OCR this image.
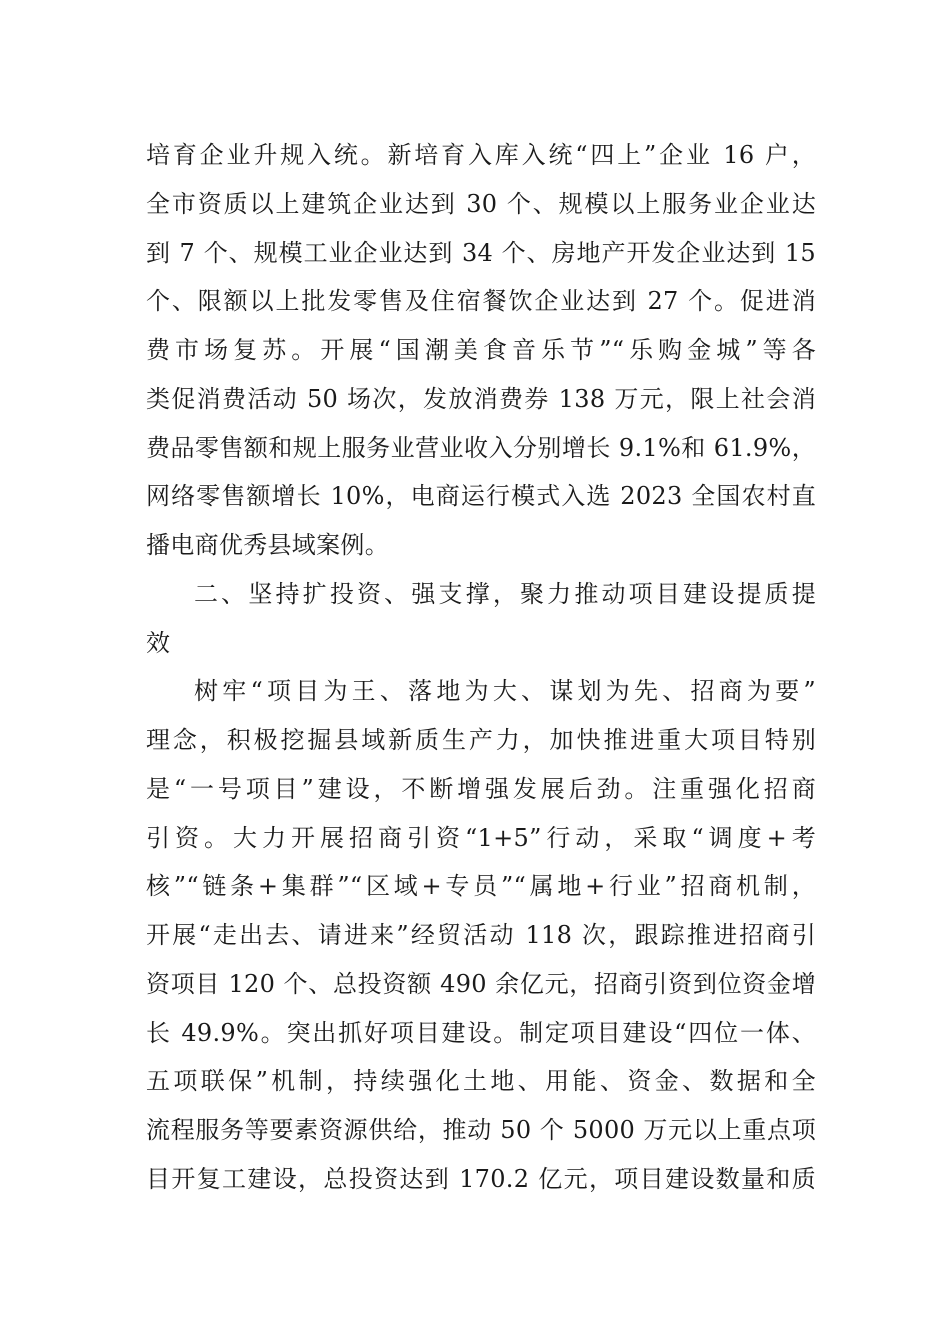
培育企业升规入统。新培育入库入统“四上”企业 16 户，
全市资质以上建筑企业达到 30 个、规模以上服务业企业达
到 7 个、规模工业企业达到 34 个、房地产开发企业达到 15
个、限额以上批发零售及住宿餐饮企业达到 27 个。促进消
费市场复苏。开展“国潮美食音乐节”“乐购金城”等各
类促消费活动 50 场次，发放消费券 138 万元，限上社会消
费品零售额和规上服务业营业收入分别增长 9.1%和 61.9%，
网络零售额增长 10%，电商运行模式入选 2023 全国农村直
播电商优秀县域案例。
二、坚持扩投资、强支撑，聚力推动项目建设提质提
效
树牢“项目为王、落地为大、谋划为先、招商为要”
理念，积极挖掘县域新质生产力，加快推进重大项目特别
是“一号项目”建设，不断增强发展后劲。注重强化招商
引资。大力开展招商引资“1+5”行动，采取“调度+考
核”“链条+集群”“区域+专员”“属地+行业”招商机制，
开展“走出去、请进来”经贸活动 118 次，跟踪推进招商引
资项目 120 个、总投资额 490 余亿元，招商引资到位资金增
长 49.9%。突出抓好项目建设。制定项目建设“四位一体、
五项联保”机制，持续强化土地、用能、资金、数据和全
流程服务等要素资源供给，推动 50 个 5000 万元以上重点项
目开复工建设，总投资达到 170.2 亿元，项目建设数量和质
